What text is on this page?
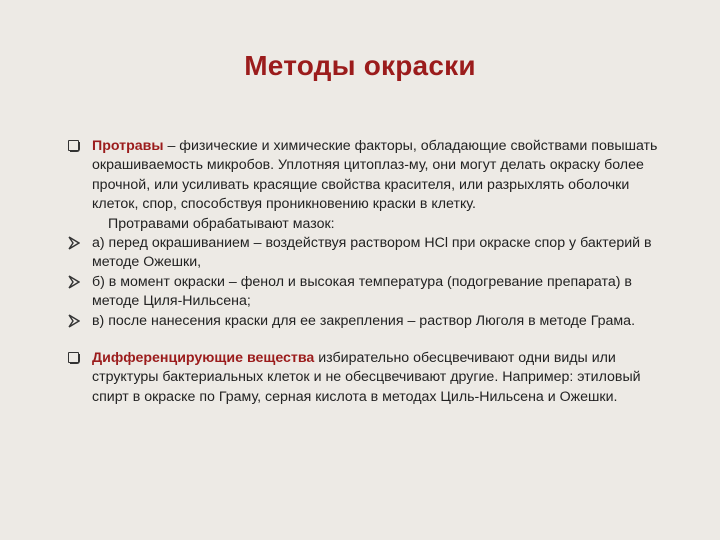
Методы окраски
Протравы – физические и химические факторы, обладающие свойствами повышать окрашиваемость микробов. Уплотняя цитоплаз-му, они могут делать окраску более прочной, или усиливать красящие свойства красителя, или разрыхлять оболочки клеток, спор, способствуя проникновению краски в клетку.
Протравами обрабатывают мазок:
а) перед окрашиванием – воздействуя раствором HCl при окраске спор у бактерий в методе Ожешки,
б) в момент окраски – фенол и высокая температура (подогревание препарата) в методе Циля-Нильсена;
в) после нанесения краски для ее закрепления – раствор Люголя в методе Грама.
Дифференцирующие вещества избирательно обесцвечивают одни виды или структуры бактериальных клеток и не обесцвечивают другие. Например: этиловый спирт в окраске по Граму, серная кислота в методах Циль-Нильсена и Ожешки.
